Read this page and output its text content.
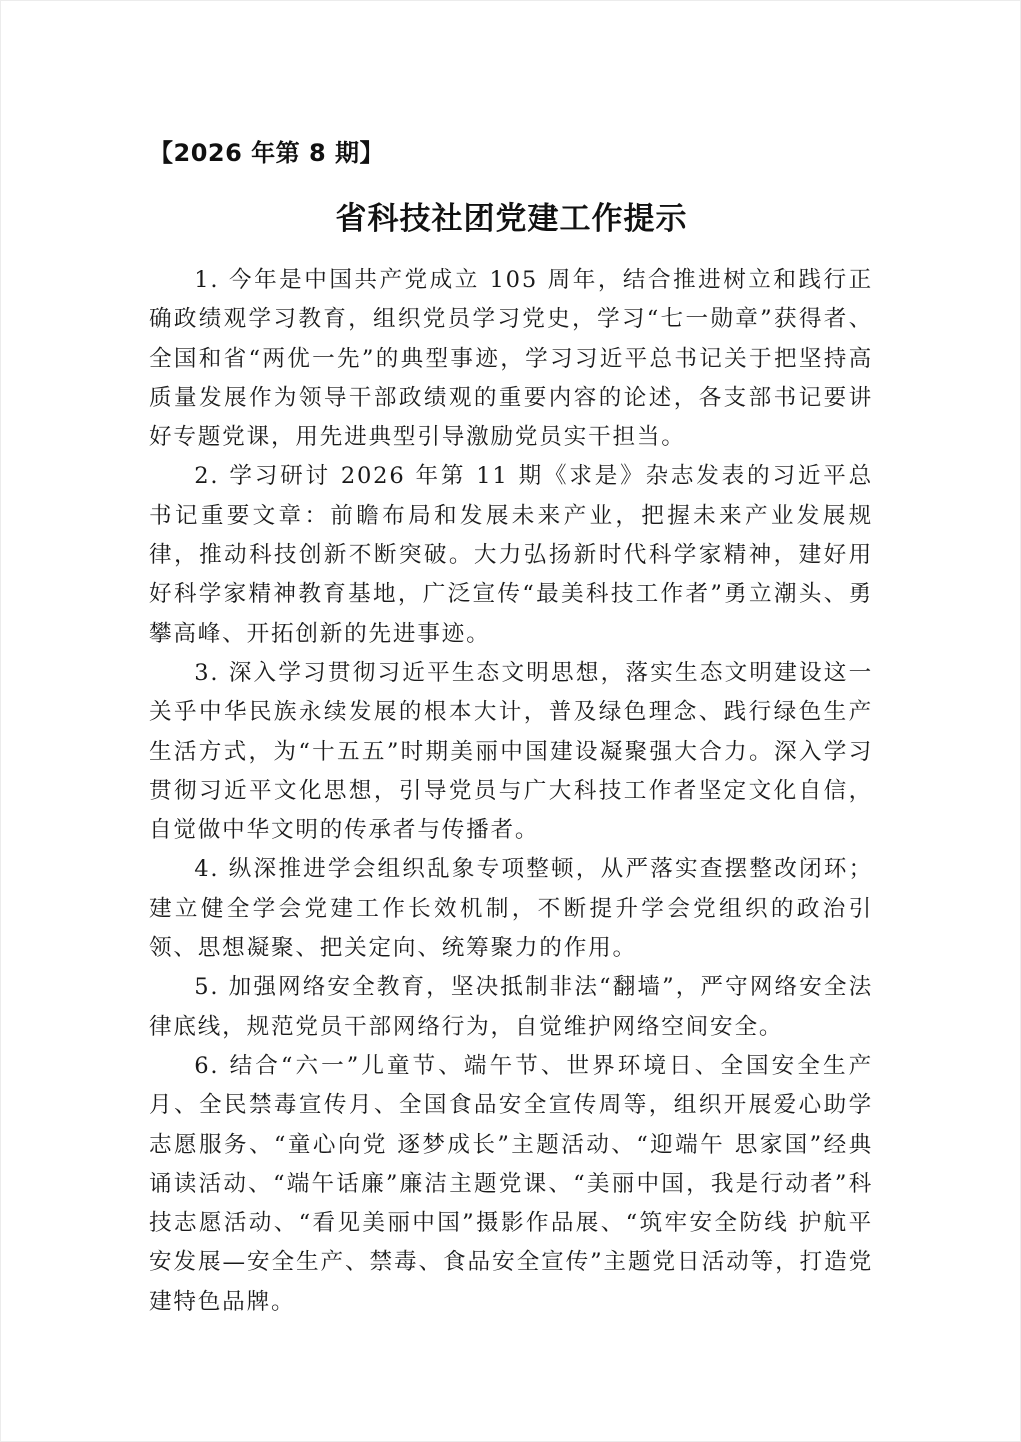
【2026 年第 8 期】
省科技社团党建工作提示

1. 今年是中国共产党成立 105 周年，结合推进树立和践行正确政绩观学习教育，组织党员学习党史，学习“七一勋章”获得者、全国和省“两优一先”的典型事迹，学习习近平总书记关于把坚持高质量发展作为领导干部政绩观的重要内容的论述，各支部书记要讲好专题党课，用先进典型引导激励党员实干担当。

2. 学习研讨 2026 年第 11 期《求是》杂志发表的习近平总书记重要文章：前瞻布局和发展未来产业，把握未来产业发展规律，推动科技创新不断突破。大力弘扬新时代科学家精神，建好用好科学家精神教育基地，广泛宣传“最美科技工作者”勇立潮头、勇攀高峰、开拓创新的先进事迹。

3. 深入学习贯彻习近平生态文明思想，落实生态文明建设这一关乎中华民族永续发展的根本大计，普及绿色理念、践行绿色生产生活方式，为“十五五”时期美丽中国建设凝聚强大合力。深入学习贯彻习近平文化思想，引导党员与广大科技工作者坚定文化自信，自觉做中华文明的传承者与传播者。

4. 纵深推进学会组织乱象专项整顿，从严落实查摆整改闭环；建立健全学会党建工作长效机制，不断提升学会党组织的政治引领、思想凝聚、把关定向、统筹聚力的作用。

5. 加强网络安全教育，坚决抵制非法“翻墙”，严守网络安全法律底线，规范党员干部网络行为，自觉维护网络空间安全。

6. 结合“六一”儿童节、端午节、世界环境日、全国安全生产月、全民禁毒宣传月、全国食品安全宣传周等，组织开展爱心助学志愿服务、“童心向党 逐梦成长”主题活动、“迎端午 思家国”经典诵读活动、“端午话廉”廉洁主题党课、“美丽中国，我是行动者”科技志愿活动、“看见美丽中国”摄影作品展、“筑牢安全防线 护航平安发展—安全生产、禁毒、食品安全宣传”主题党日活动等，打造党建特色品牌。
